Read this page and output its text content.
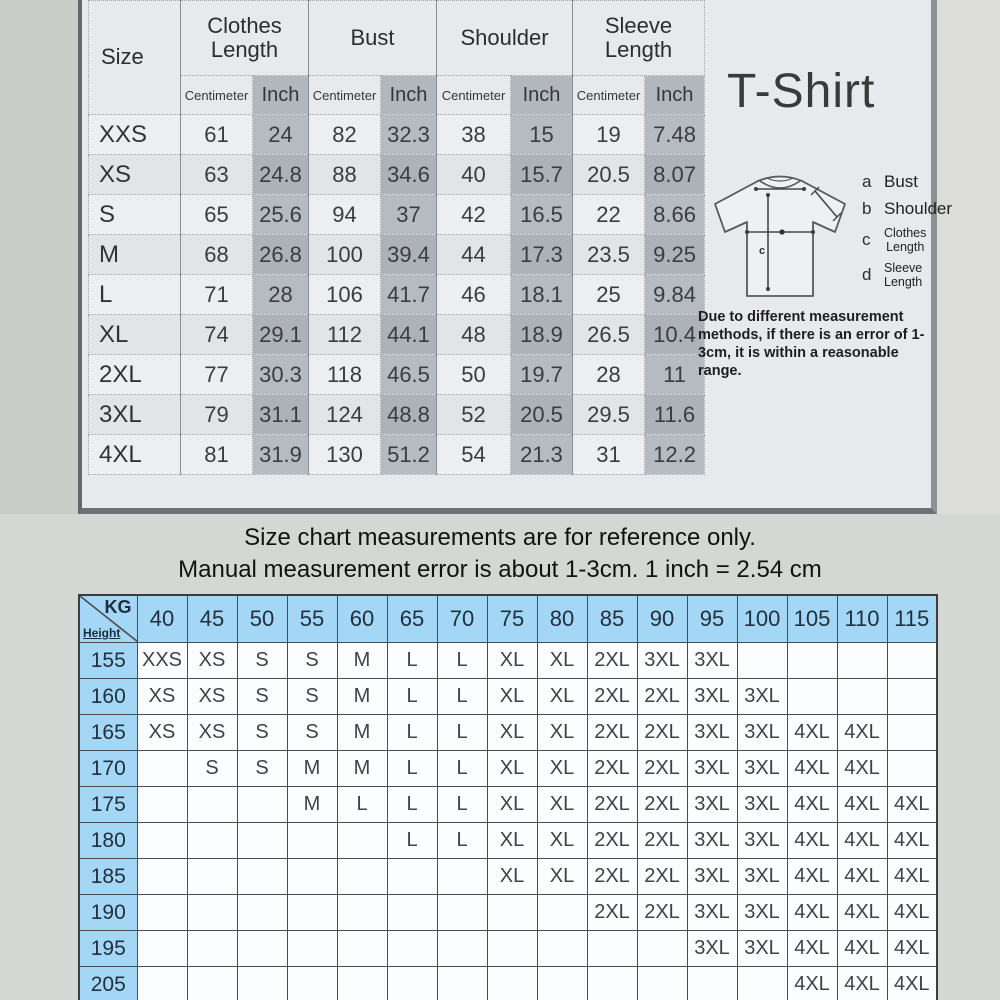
Size	Clothes Length		Bust		Shoulder		Sleeve Length	
	Centimeter	Inch	Centimeter	Inch	Centimeter	Inch	Centimeter	Inch
XXS	61	24	82	32.3	38	15	19	7.48
XS	63	24.8	88	34.6	40	15.7	20.5	8.07
S	65	25.6	94	37	42	16.5	22	8.66
M	68	26.8	100	39.4	44	17.3	23.5	9.25
L	71	28	106	41.7	46	18.1	25	9.84
XL	74	29.1	112	44.1	48	18.9	26.5	10.4
2XL	77	30.3	118	46.5	50	19.7	28	11
3XL	79	31.1	124	48.8	52	20.5	29.5	11.6
4XL	81	31.9	130	51.2	54	21.3	31	12.2
T-Shirt
c
a Bust
b Shoulder
c	Clothes
Length
d	Sleeve
Length
Due to different measurement methods, if there is an error of 1-3cm, it is within a reasonable range.
Size chart measurements are for reference only.
Manual measurement error is about 1-3cm. 1 inch = 2.54 cm
KG
Height	40	45	50	55	60	65	70	75	80	85	90	95	100	105	110	115
155	XXS	XS	S	S	M	L	L	XL	XL	2XL	3XL	3XL				
160	XS	XS	S	S	M	L	L	XL	XL	2XL	2XL	3XL	3XL			
165	XS	XS	S	S	M	L	L	XL	XL	2XL	2XL	3XL	3XL	4XL	4XL	
170		S	S	M	M	L	L	XL	XL	2XL	2XL	3XL	3XL	4XL	4XL	
175				M	L	L	L	XL	XL	2XL	2XL	3XL	3XL	4XL	4XL	4XL
180						L	L	XL	XL	2XL	2XL	3XL	3XL	4XL	4XL	4XL
185								XL	XL	2XL	2XL	3XL	3XL	4XL	4XL	4XL
190										2XL	2XL	3XL	3XL	4XL	4XL	4XL
195												3XL	3XL	4XL	4XL	4XL
205														4XL	4XL	4XL
